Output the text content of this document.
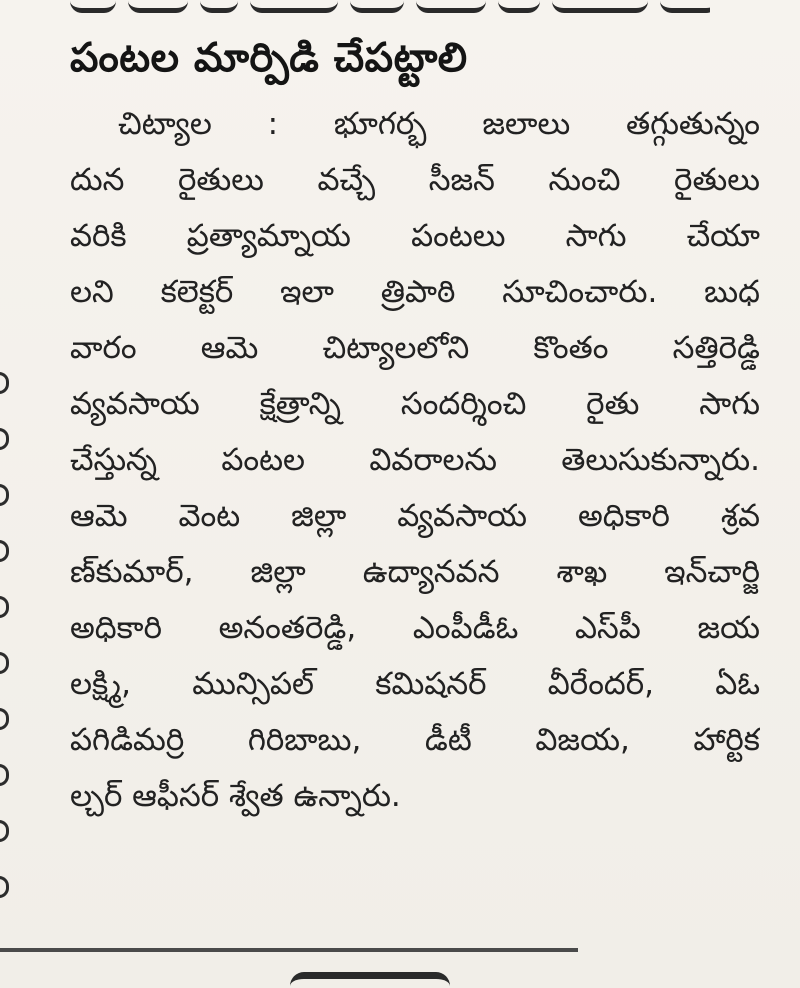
పంటల మార్పిడి చేపట్టాలి
చిట్యాల : భూగర్భ జలాలు తగ్గుతున్నం
దున రైతులు వచ్చే సీజన్ నుంచి రైతులు
వరికి ప్రత్యామ్నాయ పంటలు సాగు చేయా
లని కలెక్టర్ ఇలా త్రిపాఠి సూచించారు. బుధ
వారం ఆమె చిట్యాలలోని కొంతం సత్తిరెడ్డి
వ్యవసాయ క్షేత్రాన్ని సందర్శించి రైతు సాగు
చేస్తున్న పంటల వివరాలను తెలుసుకున్నారు.
ఆమె వెంట జిల్లా వ్యవసాయ అధికారి శ్రవ
ణ్‌కుమార్, జిల్లా ఉద్యానవన శాఖ ఇన్‌చార్జి
అధికారి అనంతరెడ్డి, ఎంపీడీఓ ఎస్‌పీ జయ
లక్ష్మి, మున్సిపల్ కమిషనర్ వీరేందర్, ఏఓ
పగిడిమర్రి గిరిబాబు, డీటీ విజయ, హార్టిక
ల్చర్ ఆఫీసర్ శ్వేత ఉన్నారు.
